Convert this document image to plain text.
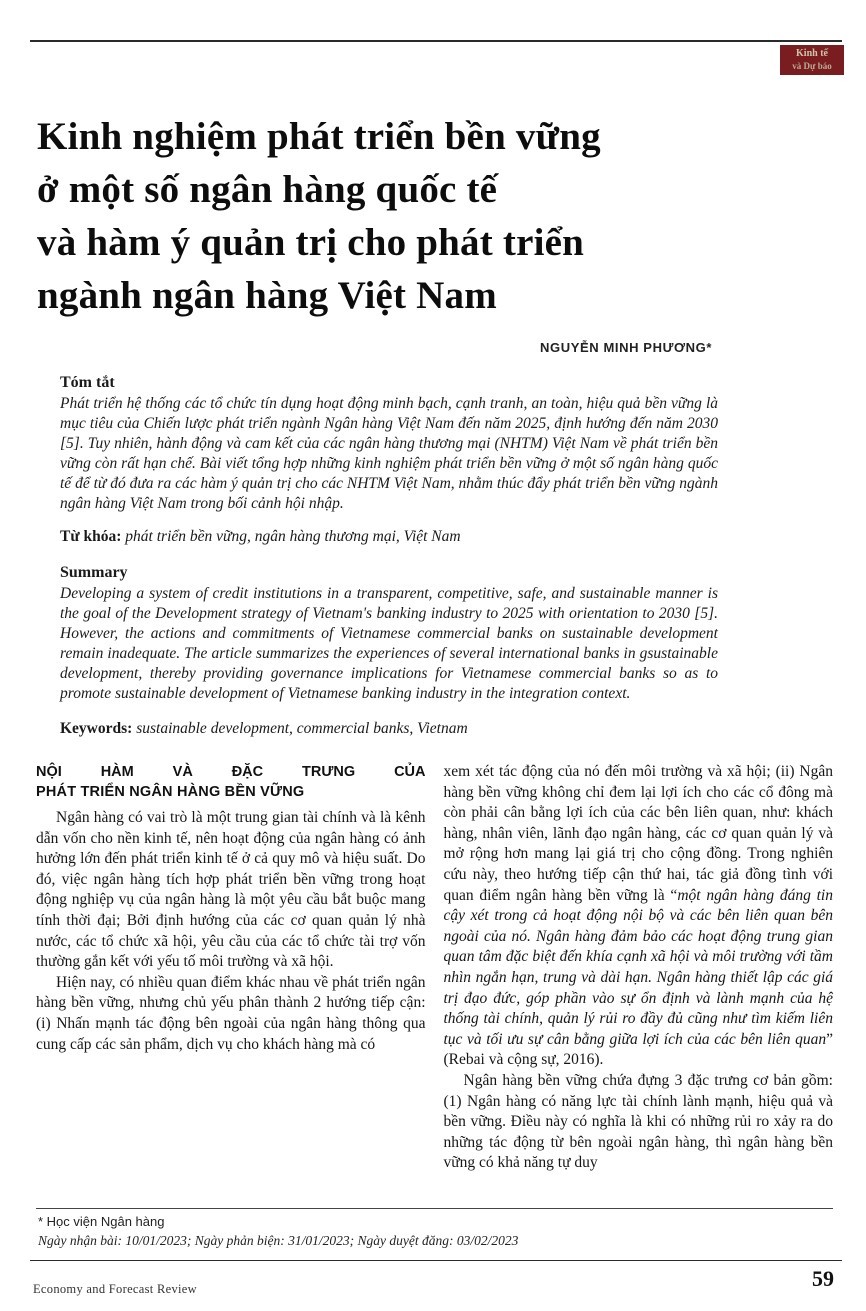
Kinh tế
và Dự báo
Kinh nghiệm phát triển bền vững
ở một số ngân hàng quốc tế
và hàm ý quản trị cho phát triển
ngành ngân hàng Việt Nam
NGUYỄN MINH PHƯƠNG*
Tóm tắt
Phát triển hệ thống các tổ chức tín dụng hoạt động minh bạch, cạnh tranh, an toàn, hiệu quả bền vững là mục tiêu của Chiến lược phát triển ngành Ngân hàng Việt Nam đến năm 2025, định hướng đến năm 2030 [5]. Tuy nhiên, hành động và cam kết của các ngân hàng thương mại (NHTM) Việt Nam về phát triển bền vững còn rất hạn chế. Bài viết tổng hợp những kinh nghiệm phát triển bền vững ở một số ngân hàng quốc tế để từ đó đưa ra các hàm ý quản trị cho các NHTM Việt Nam, nhằm thúc đẩy phát triển bền vững ngành ngân hàng Việt Nam trong bối cảnh hội nhập.
Từ khóa: phát triển bền vững, ngân hàng thương mại, Việt Nam
Summary
Developing a system of credit institutions in a transparent, competitive, safe, and sustainable manner is the goal of the Development strategy of Vietnam's banking industry to 2025 with orientation to 2030 [5]. However, the actions and commitments of Vietnamese commercial banks on sustainable development remain inadequate. The article summarizes the experiences of several international banks in gsustainable development, thereby providing governance implications for Vietnamese commercial banks so as to promote sustainable development of Vietnamese banking industry in the integration context.
Keywords: sustainable development, commercial banks, Vietnam
NỘI HÀM VÀ ĐẶC TRƯNG CỦA
PHÁT TRIỂN NGÂN HÀNG BỀN VỮNG

Ngân hàng có vai trò là một trung gian tài chính và là kênh dẫn vốn cho nền kinh tế, nên hoạt động của ngân hàng có ảnh hưởng lớn đến phát triển kinh tế ở cả quy mô và hiệu suất. Do đó, việc ngân hàng tích hợp phát triển bền vững trong hoạt động nghiệp vụ của ngân hàng là một yêu cầu bắt buộc mang tính thời đại; Bởi định hướng của các cơ quan quản lý nhà nước, các tổ chức xã hội, yêu cầu của các tổ chức tài trợ vốn thường gắn kết với yếu tố môi trường và xã hội.

Hiện nay, có nhiều quan điểm khác nhau về phát triển ngân hàng bền vững, nhưng chủ yếu phân thành 2 hướng tiếp cận: (i) Nhấn mạnh tác động bên ngoài của ngân hàng thông qua cung cấp các sản phẩm, dịch vụ cho khách hàng mà có

xem xét tác động của nó đến môi trường và xã hội; (ii) Ngân hàng bền vững không chỉ đem lại lợi ích cho các cổ đông mà còn phải cân bằng lợi ích của các bên liên quan, như: khách hàng, nhân viên, lãnh đạo ngân hàng, các cơ quan quản lý và mở rộng hơn mang lại giá trị cho cộng đồng. Trong nghiên cứu này, theo hướng tiếp cận thứ hai, tác giả đồng tình với quan điểm ngân hàng bền vững là “một ngân hàng đáng tin cậy xét trong cả hoạt động nội bộ và các bên liên quan bên ngoài của nó. Ngân hàng đảm bảo các hoạt động trung gian quan tâm đặc biệt đến khía cạnh xã hội và môi trường với tầm nhìn ngắn hạn, trung và dài hạn. Ngân hàng thiết lập các giá trị đạo đức, góp phần vào sự ổn định và lành mạnh của hệ thống tài chính, quản lý rủi ro đầy đủ cũng như tìm kiếm liên tục và tối ưu sự cân bằng giữa lợi ích của các bên liên quan” (Rebai và cộng sự, 2016).

Ngân hàng bền vững chứa đựng 3 đặc trưng cơ bản gồm: (1) Ngân hàng có năng lực tài chính lành mạnh, hiệu quả và bền vững. Điều này có nghĩa là khi có những rủi ro xảy ra do những tác động từ bên ngoài ngân hàng, thì ngân hàng bền vững có khả năng tự duy

* Học viện Ngân hàng
Ngày nhận bài: 10/01/2023; Ngày phản biện: 31/01/2023; Ngày duyệt đăng: 03/02/2023
Economy and Forecast Review	59
